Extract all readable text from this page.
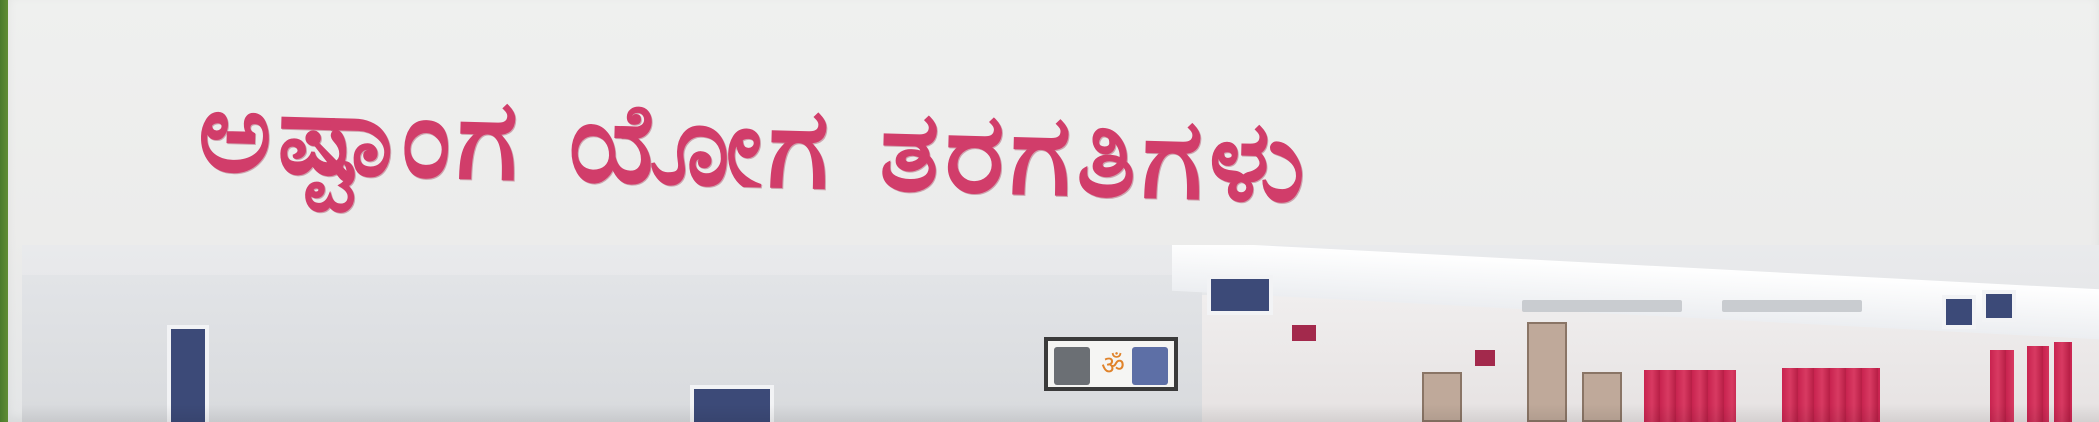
ಅಷ್ಟಾಂಗ ಯೋಗ ತರಗತಿಗಳು
ॐ
